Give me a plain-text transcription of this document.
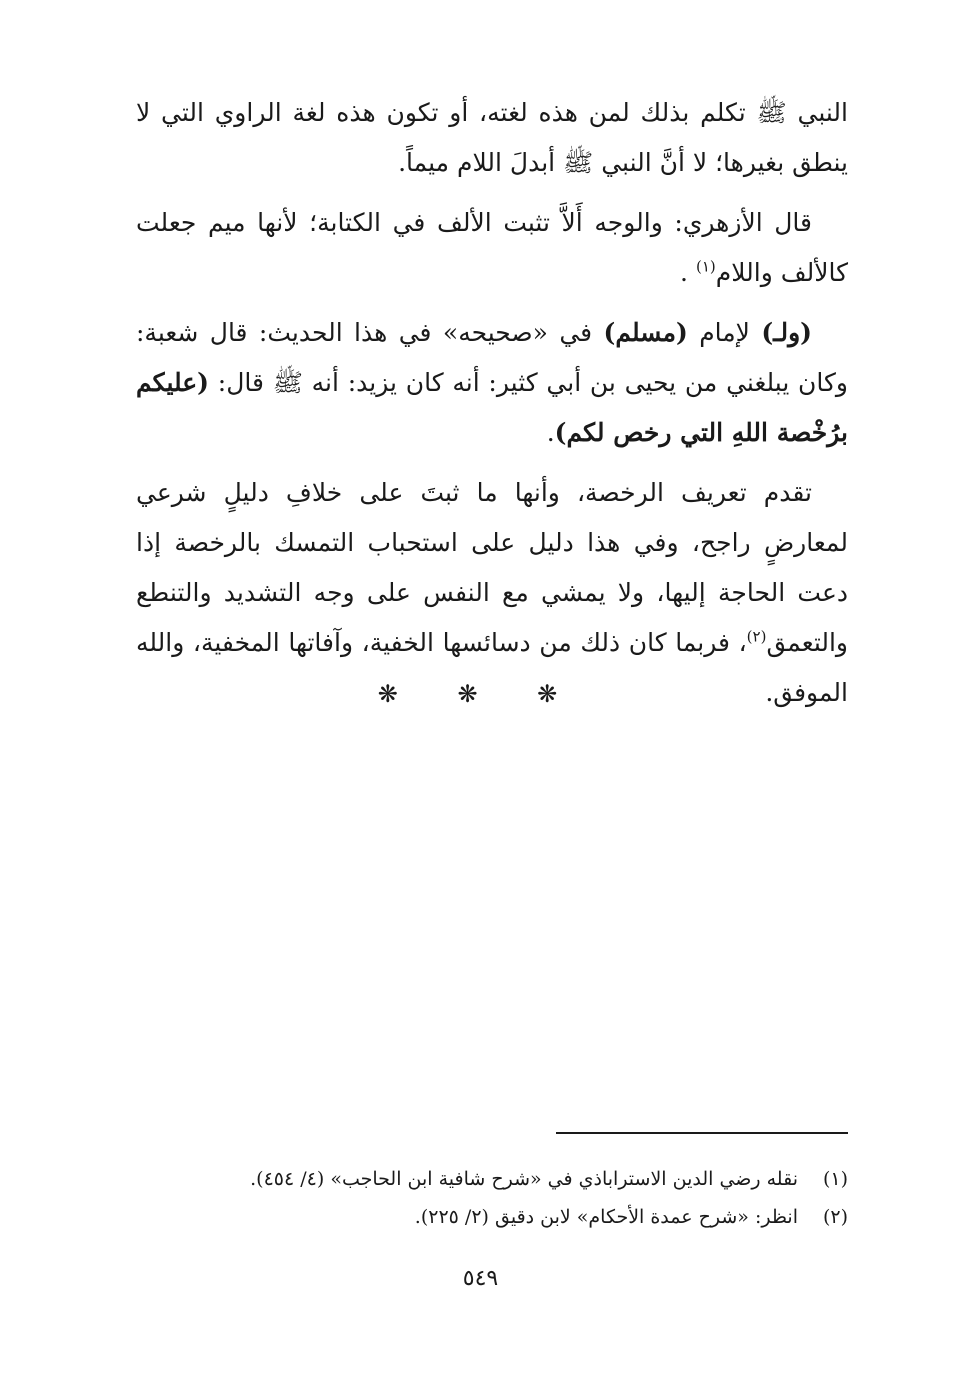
النبي ﷺ تكلم بذلك لمن هذه لغته، أو تكون هذه لغة الراوي التي لا ينطق بغيرها؛ لا أنَّ النبي ﷺ أبدلَ اللام ميماً.

قال الأزهري: والوجه أَلاَّ تثبت الألف في الكتابة؛ لأنها ميم جعلت كالألف واللام$^{(١)}$ .

(ولـ) لإمام (مسلم) في «صحيحه» في هذا الحديث: قال شعبة: وكان يبلغني من يحيى بن أبي كثير: أنه كان يزيد: أنه ﷺ قال: (عليكم برُخْصة اللهِ التي رخص لكم).

تقدم تعريف الرخصة، وأنها ما ثبتَ على خلافِ دليلٍ شرعي لمعارضٍ راجح، وفي هذا دليل على استحباب التمسك بالرخصة إذا دعت الحاجة إليها، ولا يمشي مع النفس على وجه التشديد والتنطع والتعمق$^{(٢)}$، فربما كان ذلك من دسائسها الخفية، وآفاتها المخفية، والله الموفق.

❋ ❋ ❋

(١)نقله رضي الدين الاستراباذي في «شرح شافية ابن الحاجب» (٤/ ٤٥٤).

(٢)انظر: «شرح عمدة الأحكام» لابن دقيق (٢/ ٢٢٥).

٥٤٩
